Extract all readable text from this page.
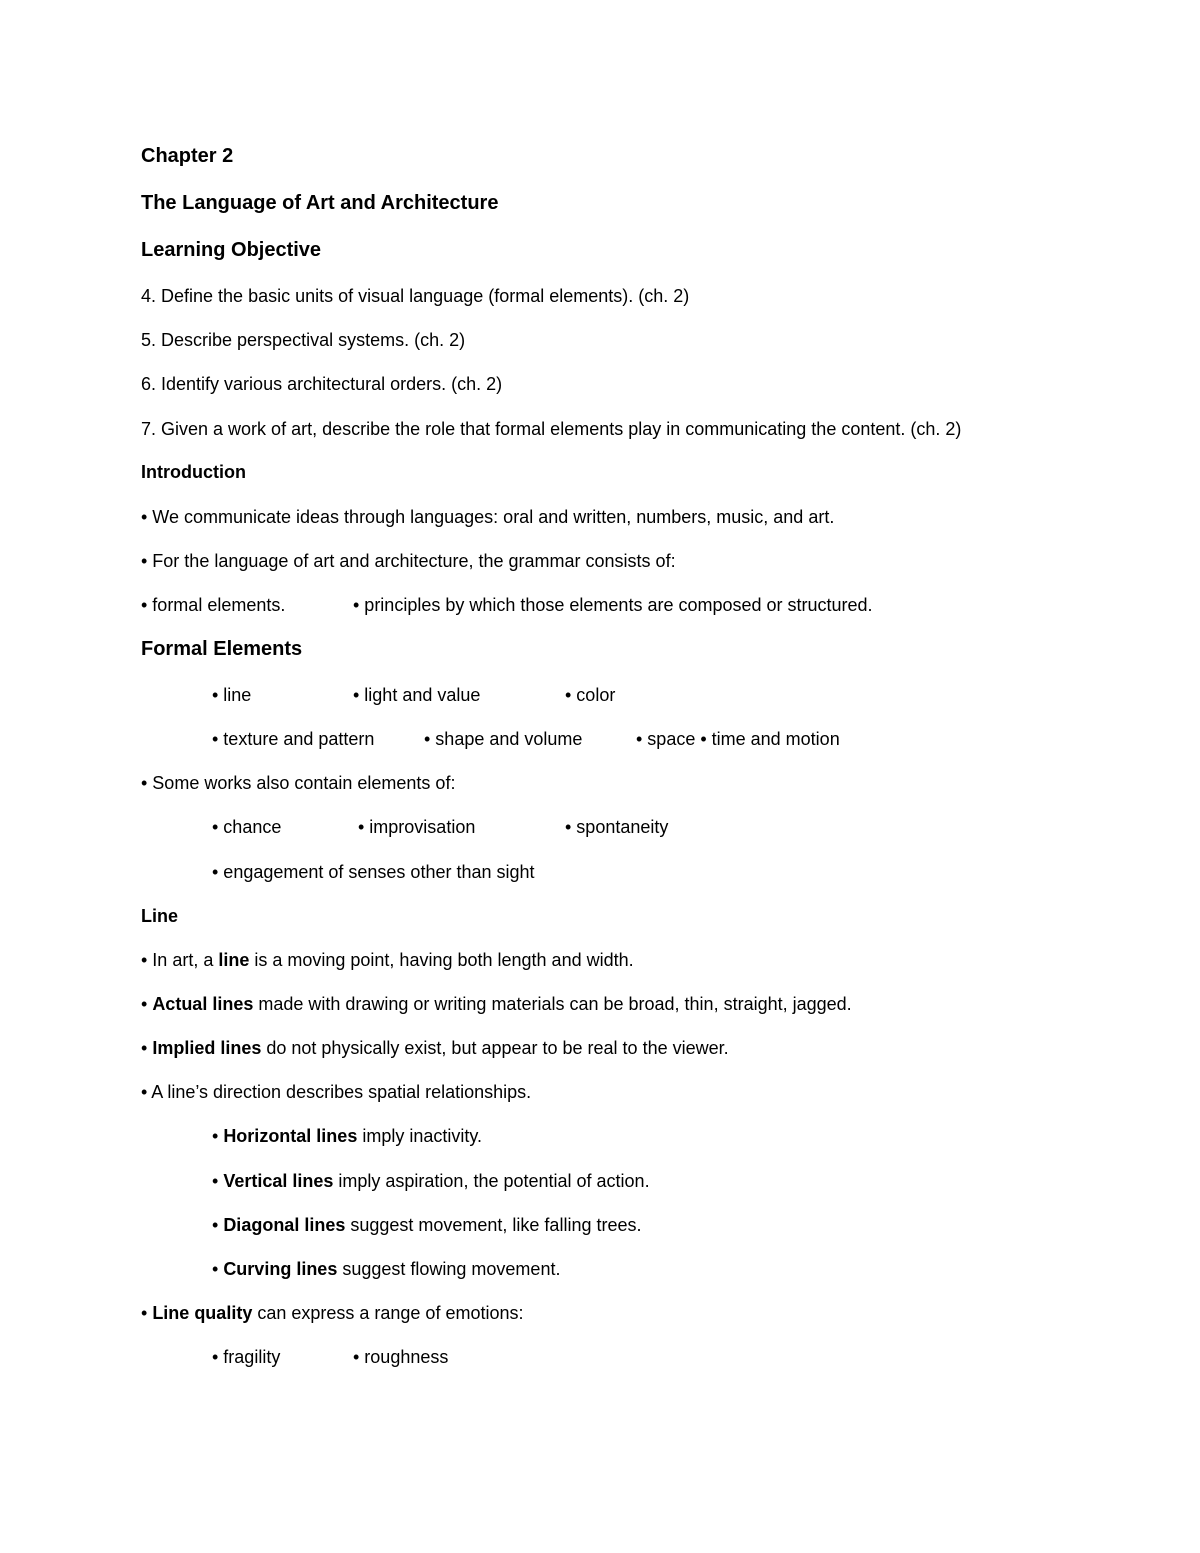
Chapter 2
The Language of Art and Architecture
Learning Objective
4. Define the basic units of visual language (formal elements). (ch. 2)
5. Describe perspectival systems. (ch. 2)
6. Identify various architectural orders. (ch. 2)
7. Given a work of art, describe the role that formal elements play in communicating the content. (ch. 2)
Introduction
• We communicate ideas through languages: oral and written, numbers, music, and art.
• For the language of art and architecture, the grammar consists of:
• formal elements.	• principles by which those elements are composed or structured.
Formal Elements
• line	• light and value	• color
• texture and pattern	• shape and volume	• space • time and motion
• Some works also contain elements of:
• chance	• improvisation	• spontaneity
• engagement of senses other than sight
Line
• In art, a line is a moving point, having both length and width.
• Actual lines made with drawing or writing materials can be broad, thin, straight, jagged.
• Implied lines do not physically exist, but appear to be real to the viewer.
• A line’s direction describes spatial relationships.
• Horizontal lines imply inactivity.
• Vertical lines imply aspiration, the potential of action.
• Diagonal lines suggest movement, like falling trees.
• Curving lines suggest flowing movement.
• Line quality can express a range of emotions:
• fragility	• roughness
